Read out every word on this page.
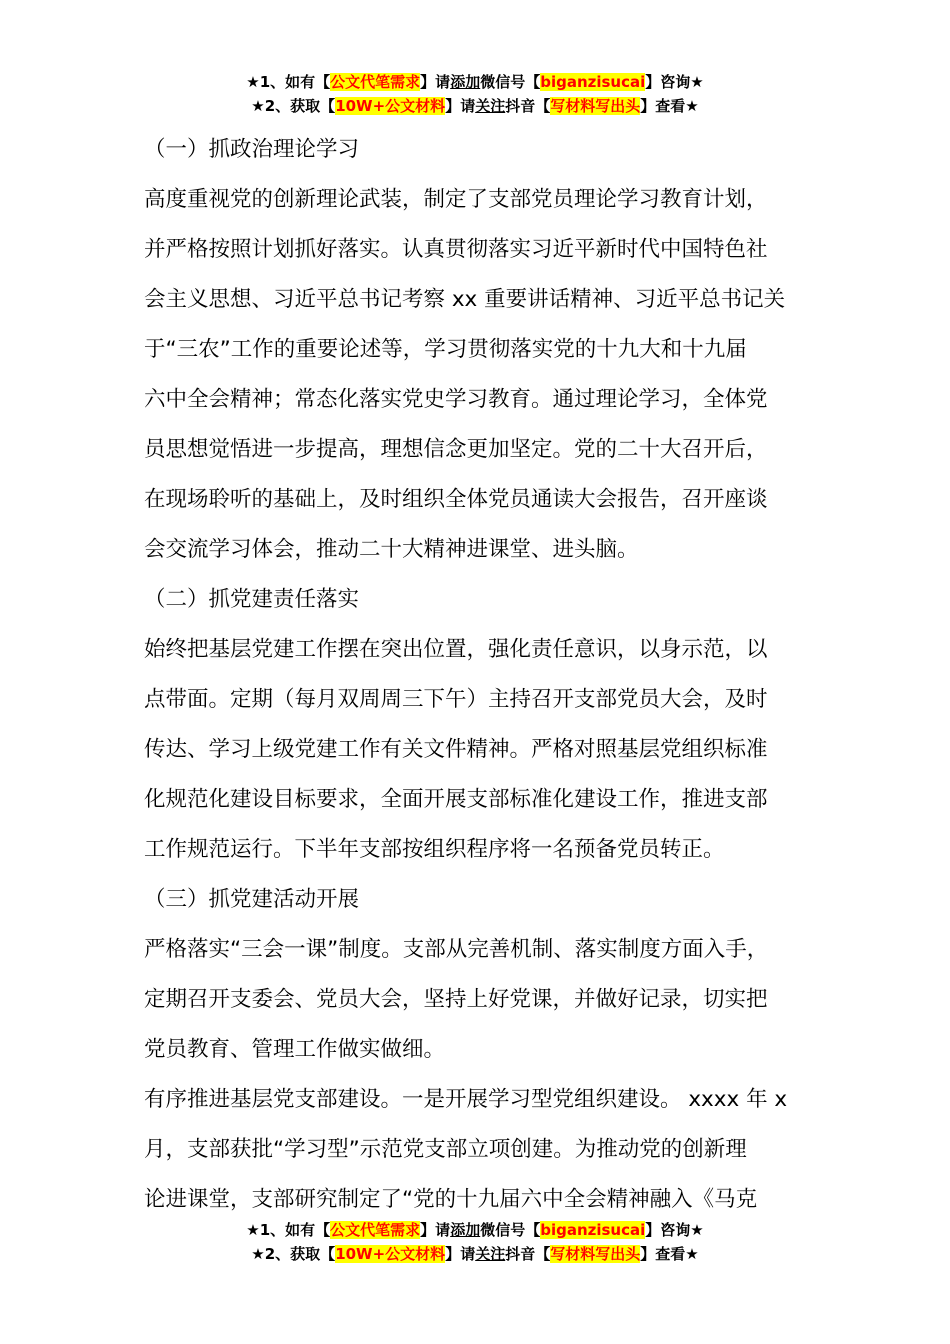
★1、如有【公文代笔需求】请添加微信号【biganzisucai】咨询★
★2、获取【10W+公文材料】请关注抖音【写材料写出头】查看★
（一）抓政治理论学习
高度重视党的创新理论武装，制定了支部党员理论学习教育计划，
并严格按照计划抓好落实。认真贯彻落实习近平新时代中国特色社
会主义思想、习近平总书记考察 xx 重要讲话精神、习近平总书记关
于“三农”工作的重要论述等，学习贯彻落实党的十九大和十九届
六中全会精神；常态化落实党史学习教育。通过理论学习，全体党
员思想觉悟进一步提高，理想信念更加坚定。党的二十大召开后，
在现场聆听的基础上，及时组织全体党员通读大会报告，召开座谈
会交流学习体会，推动二十大精神进课堂、进头脑。
（二）抓党建责任落实
始终把基层党建工作摆在突出位置，强化责任意识，以身示范，以
点带面。定期（每月双周周三下午）主持召开支部党员大会，及时
传达、学习上级党建工作有关文件精神。严格对照基层党组织标准
化规范化建设目标要求，全面开展支部标准化建设工作，推进支部
工作规范运行。下半年支部按组织程序将一名预备党员转正。
（三）抓党建活动开展
严格落实“三会一课”制度。支部从完善机制、落实制度方面入手，
定期召开支委会、党员大会，坚持上好党课，并做好记录，切实把
党员教育、管理工作做实做细。
有序推进基层党支部建设。一是开展学习型党组织建设。 xxxx 年 x
月，支部获批“学习型”示范党支部立项创建。为推动党的创新理
论进课堂，支部研究制定了“党的十九届六中全会精神融入《马克
★1、如有【公文代笔需求】请添加微信号【biganzisucai】咨询★
★2、获取【10W+公文材料】请关注抖音【写材料写出头】查看★
